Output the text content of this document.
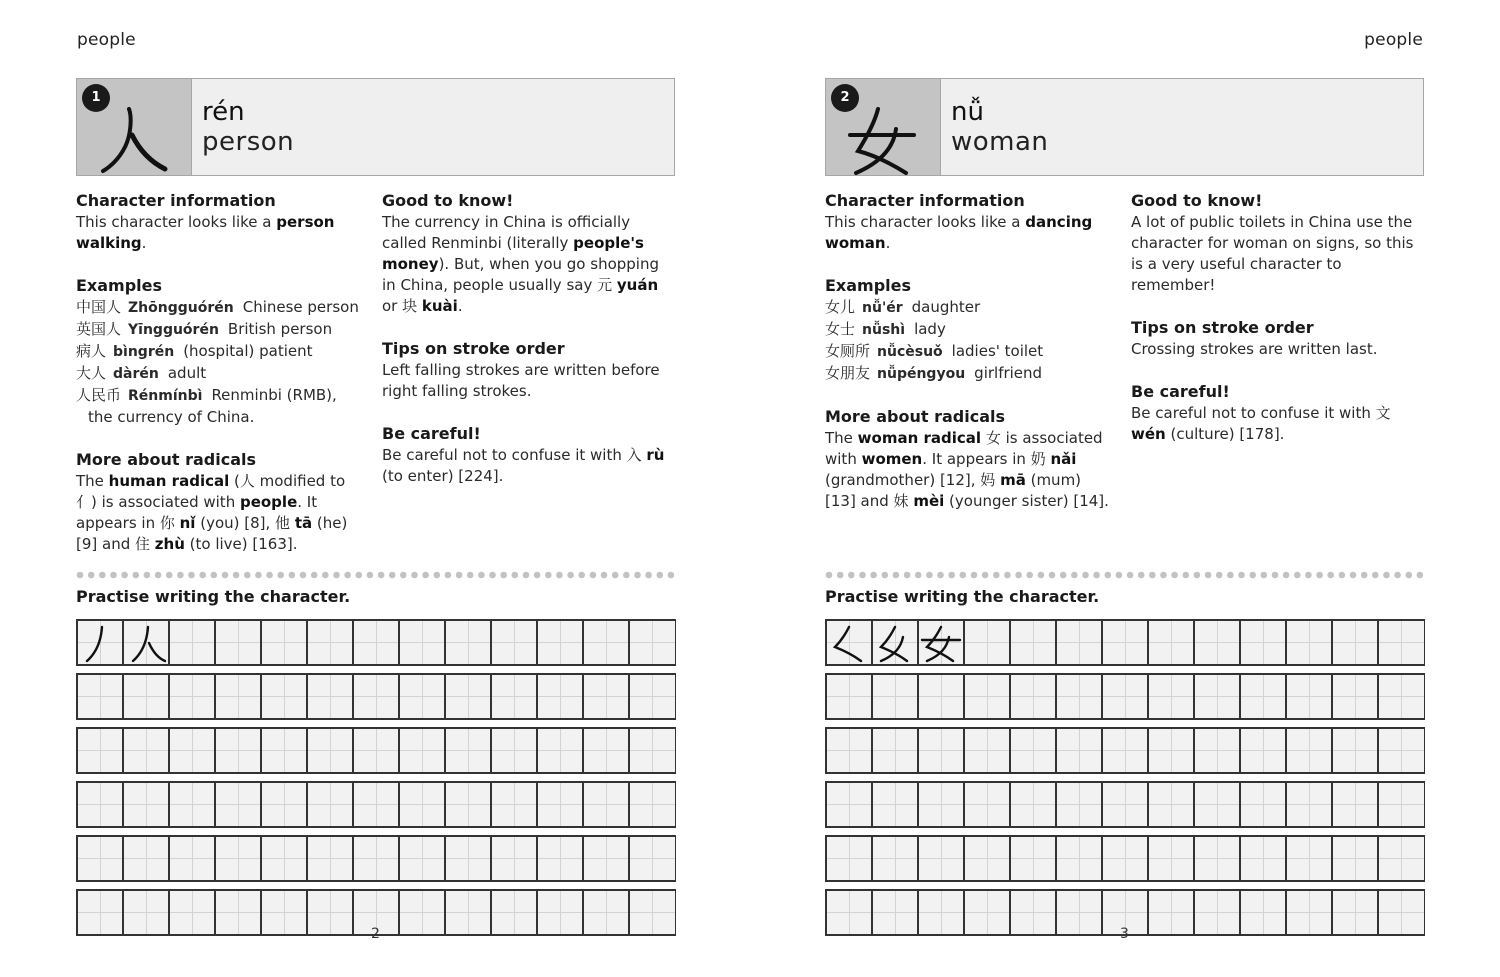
people
1	rén
person
Character information
This character looks like a person walking.
Examples
中国人 Zhōngguórén Chinese person
英国人 Yīngguórén British person
病人 bìngrén (hospital) patient
大人 dàrén adult
人民币 Rénmínbì Renminbi (RMB),
the currency of China.
More about radicals
The human radical (人 modified to 亻) is associated with people. It appears in 你 nǐ (you) [8], 他 tā (he) [9] and 住 zhù (to live) [163].
Good to know!
The currency in China is officially called Renminbi (literally people's money). But, when you go shopping in China, people usually say 元 yuán or 块 kuài.
Tips on stroke order
Left falling strokes are written before right falling strokes.
Be careful!
Be careful not to confuse it with 入 rù (to enter) [224].
Practise writing the character.
2
people
2	nǚ
woman
Character information
This character looks like a dancing woman.
Examples
女儿 nǚ'ér daughter
女士 nǚshì lady
女厕所 nǚcèsuǒ ladies' toilet
女朋友 nǚpéngyou girlfriend
More about radicals
The woman radical 女 is associated with women. It appears in 奶 nǎi (grandmother) [12], 妈 mā (mum) [13] and 妹 mèi (younger sister) [14].
Good to know!
A lot of public toilets in China use the character for woman on signs, so this is a very useful character to remember!
Tips on stroke order
Crossing strokes are written last.
Be careful!
Be careful not to confuse it with 文 wén (culture) [178].
Practise writing the character.
3
